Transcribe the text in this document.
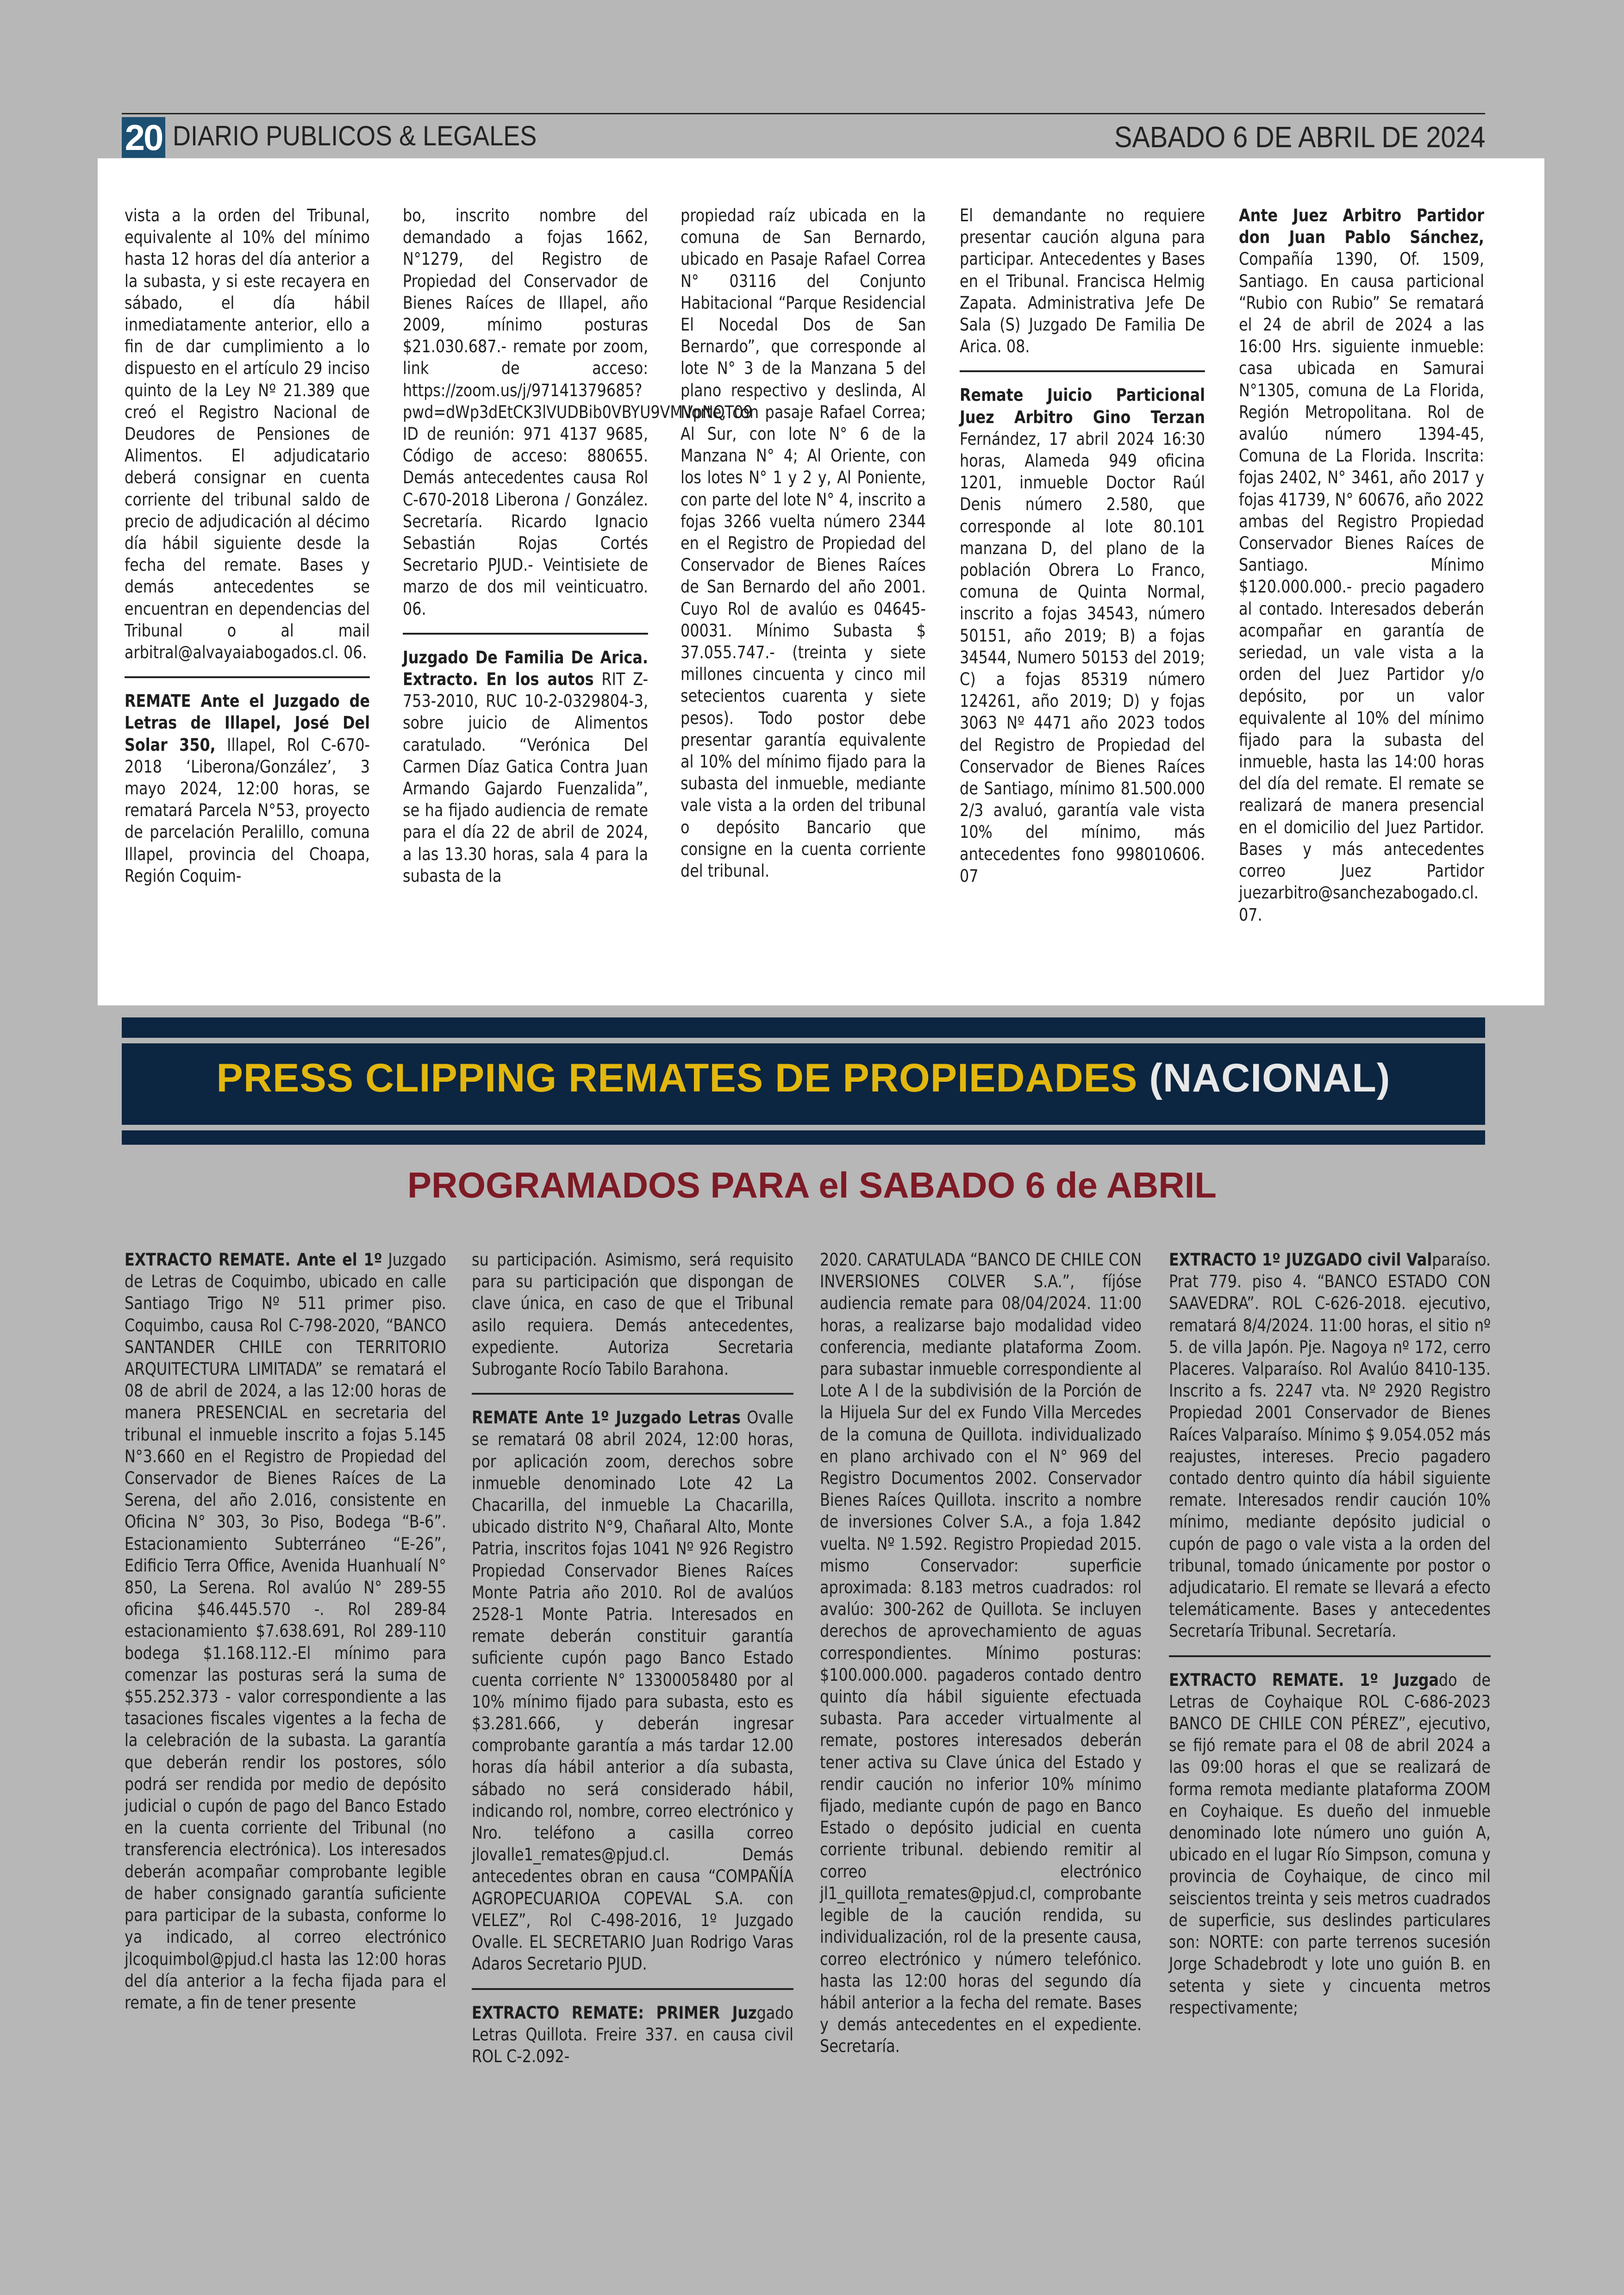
20 DIARIO PUBLICOS & LEGALES	SABADO 6 DE ABRIL DE 2024

vista a la orden del Tribunal, equivalente al 10% del mínimo hasta 12 horas del día anterior a la subasta, y si este recayera en sábado, el día hábil inmediatamente anterior, ello a fin de dar cumplimiento a lo dispuesto en el artículo 29 inciso quinto de la Ley Nº 21.389 que creó el Registro Nacional de Deudores de Pensiones de Alimentos. El adjudicatario deberá consignar en cuenta corriente del tribunal saldo de precio de adjudicación al décimo día hábil siguiente desde la fecha del remate. Bases y demás antecedentes se encuentran en dependencias del Tribunal o al mail arbitral@alvayaiabogados.cl. 06.

REMATE Ante el Juzgado de Letras de Illapel, José Del Solar 350, Illapel, Rol C-670-2018 ‘Liberona/González’, 3 mayo 2024, 12:00 horas, se rematará Parcela N°53, proyecto de parcelación Peralillo, comuna Illapel, provincia del Choapa, Región Coquim-

bo, inscrito nombre del demandado a fojas 1662, N°1279, del Registro de Propiedad del Conservador de Bienes Raíces de Illapel, año 2009, mínimo posturas $21.030.687.- remate por zoom, link de acceso: https://zoom.us/j/97141379685?pwd=dWp3dEtCK3lVUDBib0VBYU9VMVpNQT09 ID de reunión: 971 4137 9685, Código de acceso: 880655. Demás antecedentes causa Rol C-670-2018 Liberona / González. Secretaría. Ricardo Ignacio Sebastián Rojas Cortés Secretario PJUD.- Veintisiete de marzo de dos mil veinticuatro. 06.

Juzgado De Familia De Arica. Extracto. En los autos RIT Z-753-2010, RUC 10-2-0329804-3, sobre juicio de Alimentos caratulado. “Verónica Del Carmen Díaz Gatica Contra Juan Armando Gajardo Fuenzalida”, se ha fijado audiencia de remate para el día 22 de abril de 2024, a las 13.30 horas, sala 4 para la subasta de la

propiedad raíz ubicada en la comuna de San Bernardo, ubicado en Pasaje Rafael Correa N° 03116 del Conjunto Habitacional “Parque Residencial El Nocedal Dos de San Bernardo”, que corresponde al lote N° 3 de la Manzana 5 del plano respectivo y deslinda, Al Norte, con pasaje Rafael Correa; Al Sur, con lote N° 6 de la Manzana N° 4; Al Oriente, con los lotes N° 1 y 2 y, Al Poniente, con parte del lote N° 4, inscrito a fojas 3266 vuelta número 2344 en el Registro de Propiedad del Conservador de Bienes Raíces de San Bernardo del año 2001. Cuyo Rol de avalúo es 04645-00031. Mínimo Subasta $ 37.055.747.- (treinta y siete millones cincuenta y cinco mil setecientos cuarenta y siete pesos). Todo postor debe presentar garantía equivalente al 10% del mínimo fijado para la subasta del inmueble, mediante vale vista a la orden del tribunal o depósito Bancario que consigne en la cuenta corriente del tribunal.

El demandante no requiere presentar caución alguna para participar. Antecedentes y Bases en el Tribunal. Francisca Helmig Zapata. Administrativa Jefe De Sala (S) Juzgado De Familia De Arica. 08.

Remate Juicio Particional Juez Arbitro Gino Terzan Fernández, 17 abril 2024 16:30 horas, Alameda 949 oficina 1201, inmueble Doctor Raúl Denis número 2.580, que corresponde al lote 80.101 manzana D, del plano de la población Obrera Lo Franco, comuna de Quinta Normal, inscrito a fojas 34543, número 50151, año 2019; B) a fojas 34544, Numero 50153 del 2019; C) a fojas 85319 número 124261, año 2019; D) y fojas 3063 Nº 4471 año 2023 todos del Registro de Propiedad del Conservador de Bienes Raíces de Santiago, mínimo 81.500.000 2/3 avaluó, garantía vale vista 10% del mínimo, más antecedentes fono 998010606. 07

Ante Juez Arbitro Partidor don Juan Pablo Sánchez, Compañía 1390, Of. 1509, Santiago. En causa particional “Rubio con Rubio” Se rematará el 24 de abril de 2024 a las 16:00 Hrs. siguiente inmueble: casa ubicada en Samurai N°1305, comuna de La Florida, Región Metropolitana. Rol de avalúo número 1394-45, Comuna de La Florida. Inscrita: fojas 2402, N° 3461, año 2017 y fojas 41739, N° 60676, año 2022 ambas del Registro Propiedad Conservador Bienes Raíces de Santiago. Mínimo $120.000.000.- precio pagadero al contado. Interesados deberán acompañar en garantía de seriedad, un vale vista a la orden del Juez Partidor y/o depósito, por un valor equivalente al 10% del mínimo fijado para la subasta del inmueble, hasta las 14:00 horas del día del remate. El remate se realizará de manera presencial en el domicilio del Juez Partidor. Bases y más antecedentes correo Juez Partidor juezarbitro@sanchezabogado.cl. 07.

PRESS CLIPPING REMATES DE PROPIEDADES (NACIONAL)
PROGRAMADOS PARA el SABADO 6 de ABRIL

EXTRACTO REMATE. Ante el 1º Juzgado de Letras de Coquimbo, ubicado en calle Santiago Trigo Nº 511 primer piso. Coquimbo, causa Rol C-798-2020, “BANCO SANTANDER CHILE con TERRITORIO ARQUITECTURA LIMITADA” se rematará el 08 de abril de 2024, a las 12:00 horas de manera PRESENCIAL en secretaria del tribunal el inmueble inscrito a fojas 5.145 N°3.660 en el Registro de Propiedad del Conservador de Bienes Raíces de La Serena, del año 2.016, consistente en Oficina N° 303, 3o Piso, Bodega “B-6”. Estacionamiento Subterráneo “E-26”, Edificio Terra Office, Avenida Huanhualí N° 850, La Serena. Rol avalúo N° 289-55 oficina $46.445.570 -. Rol 289-84 estacionamiento $7.638.691, Rol 289-110 bodega $1.168.112.-El mínimo para comenzar las posturas será la suma de $55.252.373 - valor correspondiente a las tasaciones fiscales vigentes a la fecha de la celebración de la subasta. La garantía que deberán rendir los postores, sólo podrá ser rendida por medio de depósito judicial o cupón de pago del Banco Estado en la cuenta corriente del Tribunal (no transferencia electrónica). Los interesados deberán acompañar comprobante legible de haber consignado garantía suficiente para participar de la subasta, conforme lo ya indicado, al correo electrónico jlcoquimbol@pjud.cl hasta las 12:00 horas del día anterior a la fecha fijada para el remate, a fin de tener presente

su participación. Asimismo, será requisito para su participación que dispongan de clave única, en caso de que el Tribunal asilo requiera. Demás antecedentes, expediente. Autoriza Secretaria Subrogante Rocío Tabilo Barahona.

REMATE Ante 1º Juzgado Letras Ovalle se rematará 08 abril 2024, 12:00 horas, por aplicación zoom, derechos sobre inmueble denominado Lote 42 La Chacarilla, del inmueble La Chacarilla, ubicado distrito N°9, Chañaral Alto, Monte Patria, inscritos fojas 1041 Nº 926 Registro Propiedad Conservador Bienes Raíces Monte Patria año 2010. Rol de avalúos 2528-1 Monte Patria. Interesados en remate deberán constituir garantía suficiente cupón pago Banco Estado cuenta corriente N° 13300058480 por al 10% mínimo fijado para subasta, esto es $3.281.666, y deberán ingresar comprobante garantía a más tardar 12.00 horas día hábil anterior a día subasta, sábado no será considerado hábil, indicando rol, nombre, correo electrónico y Nro. teléfono a casilla correo jlovalle1_remates@pjud.cl. Demás antecedentes obran en causa “COMPAÑÍA AGROPECUARIOA COPEVAL S.A. con VELEZ”, Rol C-498-2016, 1º Juzgado Ovalle. EL SECRETARIO Juan Rodrigo Varas Adaros Secretario PJUD.

EXTRACTO REMATE: PRIMER Juzgado Letras Quillota. Freire 337. en causa civil ROL C-2.092-

2020. CARATULADA “BANCO DE CHILE CON INVERSIONES COLVER S.A.”, fíjóse audiencia remate para 08/04/2024. 11:00 horas, a realizarse bajo modalidad video conferencia, mediante plataforma Zoom. para subastar inmueble correspondiente al Lote A l de la subdivisión de la Porción de la Hijuela Sur del ex Fundo Villa Mercedes de la comuna de Quillota. individualizado en plano archivado con el N° 969 del Registro Documentos 2002. Conservador Bienes Raíces Quillota. inscrito a nombre de inversiones Colver S.A., a foja 1.842 vuelta. Nº 1.592. Registro Propiedad 2015. mismo Conservador: superficie aproximada: 8.183 metros cuadrados: rol avalúo: 300-262 de Quillota. Se incluyen derechos de aprovechamiento de aguas correspondientes. Mínimo posturas: $100.000.000. pagaderos contado dentro quinto día hábil siguiente efectuada subasta. Para acceder virtualmente al remate, postores interesados deberán tener activa su Clave única del Estado y rendir caución no inferior 10% mínimo fijado, mediante cupón de pago en Banco Estado o depósito judicial en cuenta corriente tribunal. debiendo remitir al correo electrónico jl1_quillota_remates@pjud.cl, comprobante legible de la caución rendida, su individualización, rol de la presente causa, correo electrónico y número telefónico. hasta las 12:00 horas del segundo día hábil anterior a la fecha del remate. Bases y demás antecedentes en el expediente. Secretaría.

EXTRACTO 1º JUZGADO civil Valparaíso. Prat 779. piso 4. “BANCO ESTADO CON SAAVEDRA”. ROL C-626-2018. ejecutivo, rematará 8/4/2024. 11:00 horas, el sitio nº 5. de villa Japón. Pje. Nagoya nº 172, cerro Placeres. Valparaíso. Rol Avalúo 8410-135. Inscrito a fs. 2247 vta. Nº 2920 Registro Propiedad 2001 Conservador de Bienes Raíces Valparaíso. Mínimo $ 9.054.052 más reajustes, intereses. Precio pagadero contado dentro quinto día hábil siguiente remate. Interesados rendir caución 10% mínimo, mediante depósito judicial o cupón de pago o vale vista a la orden del tribunal, tomado únicamente por postor o adjudicatario. El remate se llevará a efecto telemáticamente. Bases y antecedentes Secretaría Tribunal. Secretaría.

EXTRACTO REMATE. 1º Juzgado de Letras de Coyhaique ROL C-686-2023 BANCO DE CHILE CON PÉREZ”, ejecutivo, se fijó remate para el 08 de abril 2024 a las 09:00 horas el que se realizará de forma remota mediante plataforma ZOOM en Coyhaique. Es dueño del inmueble denominado lote número uno guión A, ubicado en el lugar Río Simpson, comuna y provincia de Coyhaique, de cinco mil seiscientos treinta y seis metros cuadrados de superficie, sus deslindes particulares son: NORTE: con parte terrenos sucesión Jorge Schadebrodt y lote uno guión B. en setenta y siete y cincuenta metros respectivamente;
